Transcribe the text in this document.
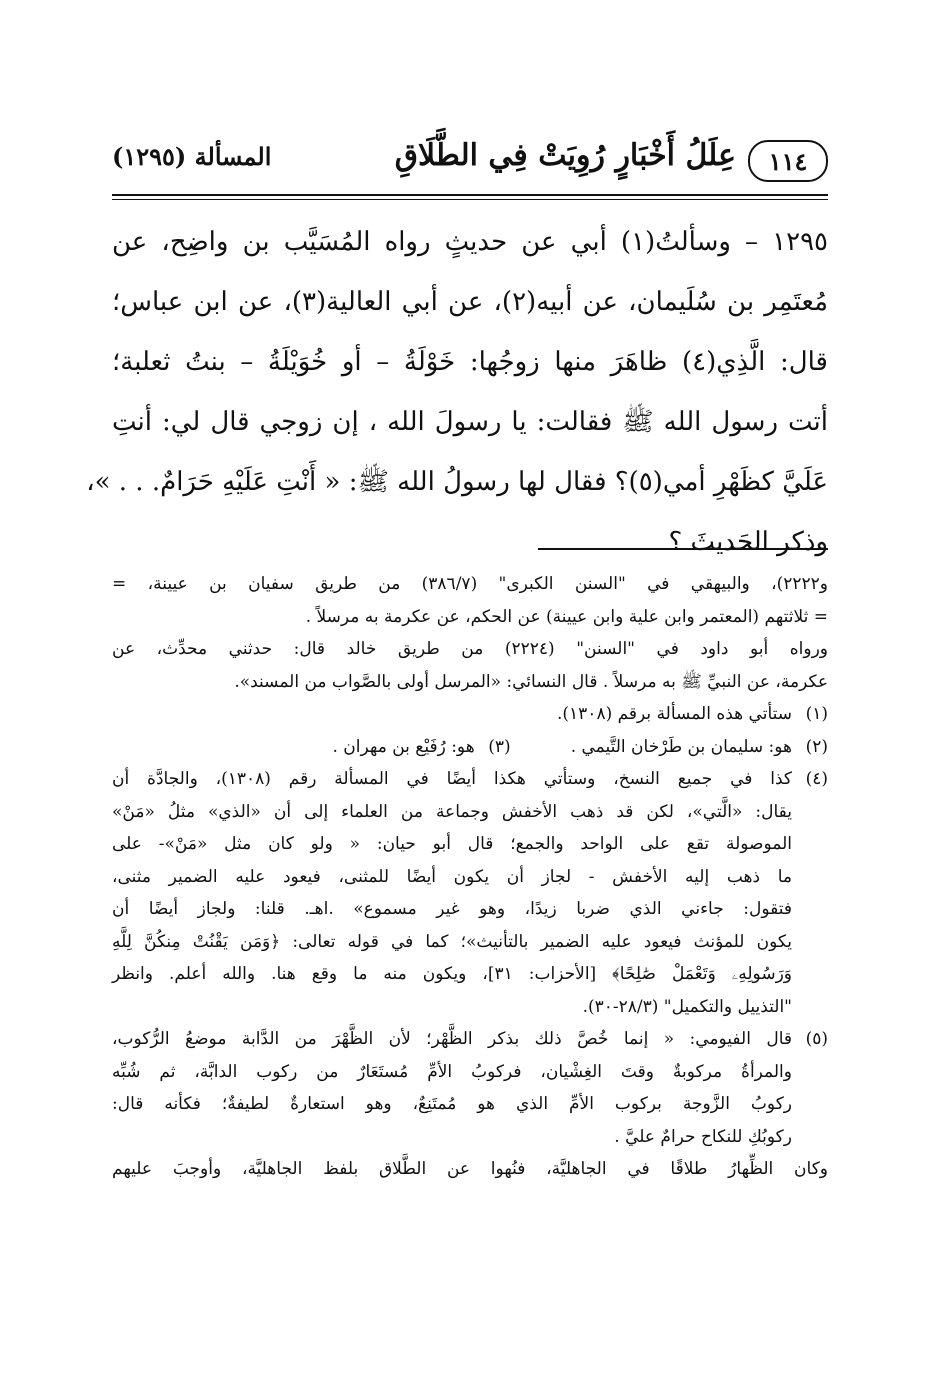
١١٤
عِلَلُ أَخْبَارٍ رُوِيَتْ فِي الطَّلَاقِ
المسألة (١٢٩٥)
١٢٩٥ – وسألتُ(١) أبي عن حديثٍ رواه المُسَيَّب بن واضِح، عن
مُعتَمِر بن سُلَيمان، عن أبيه(٢)، عن أبي العالية(٣)، عن ابن عباس؛
قال: الَّذِي(٤) ظاهَرَ منها زوجُها: خَوْلَةُ – أو خُوَيْلَةُ – بنتُ ثعلبة؛
أتت رسول الله ﷺ فقالت: يا رسولَ الله ، إن زوجي قال لي: أنتِ
عَلَيَّ كظَهْرِ أمي(٥)؟ فقال لها رسولُ الله ﷺ: « أَنْتِ عَلَيْهِ حَرَامٌ. . . »،
وذكر الحَديثَ ؟
و٢٢٢٢)، والبيهقي في "السنن الكبرى" (٣٨٦/٧) من طريق سفيان بن عيينة، =
= ثلاثتهم (المعتمر وابن علية وابن عيينة) عن الحكم، عن عكرمة به مرسلاً .
ورواه أبو داود في "السنن" (٢٢٢٤) من طريق خالد قال: حدثني محدِّث، عن
عكرمة، عن النبيِّ ﷺ به مرسلاً . قال النسائي: «المرسل أولى بالصَّواب من المسند».
(١)ستأتي هذه المسألة برقم (١٣٠٨).
(٢)هو: سليمان بن طَرْخان التَّيمي .(٣)هو: رُفَيْع بن مهران .
(٤)كذا في جميع النسخ، وستأتي هكذا أيضًا في المسألة رقم (١٣٠٨)، والجادَّة أن
يقال: «الَّتي»، لكن قد ذهب الأخفش وجماعة من العلماء إلى أن «الذي» مثلُ «مَنْ»
الموصولة تقع على الواحد والجمع؛ قال أبو حيان: « ولو كان مثل «مَنْ»- على
ما ذهب إليه الأخفش - لجاز أن يكون أيضًا للمثنى، فيعود عليه الضمير مثنى،
فتقول: جاءني الذي ضربا زيدًا، وهو غير مسموع» .اهـ. قلنا: ولجاز أيضًا أن
يكون للمؤنث فيعود عليه الضمير بالتأنيث»؛ كما في قوله تعالى: ﴿وَمَن يَقْنُتْ مِنكُنَّ لِلَّهِ
وَرَسُولِهِۦ وَتَعْمَلْ صَٰلِحًا﴾ [الأحزاب: ٣١]، ويكون منه ما وقع هنا. والله أعلم. وانظر
"التذييل والتكميل" (٢٨/٣-٣٠).
(٥)قال الفيومي: « إنما خُصَّ ذلك بذكر الظَّهْر؛ لأن الظَّهْرَ من الدَّابة موضعُ الرُّكوب،
والمرأةُ مركوبةٌ وقتَ الغِشْيان، فركوبُ الأمِّ مُستَعَارٌ من ركوب الدابَّة، ثم شُبِّه
ركوبُ الزَّوجة بركوب الأمِّ الذي هو مُمتَنِعٌ، وهو استعارةٌ لطيفةٌ؛ فكأنه قال:
ركوبُكِ للنكاح حرامٌ عليَّ .
وكان الظِّهارُ طلاقًا في الجاهليَّة، فنُهوا عن الطَّلاق بلفظ الجاهليَّة، وأوجبَ عليهم
